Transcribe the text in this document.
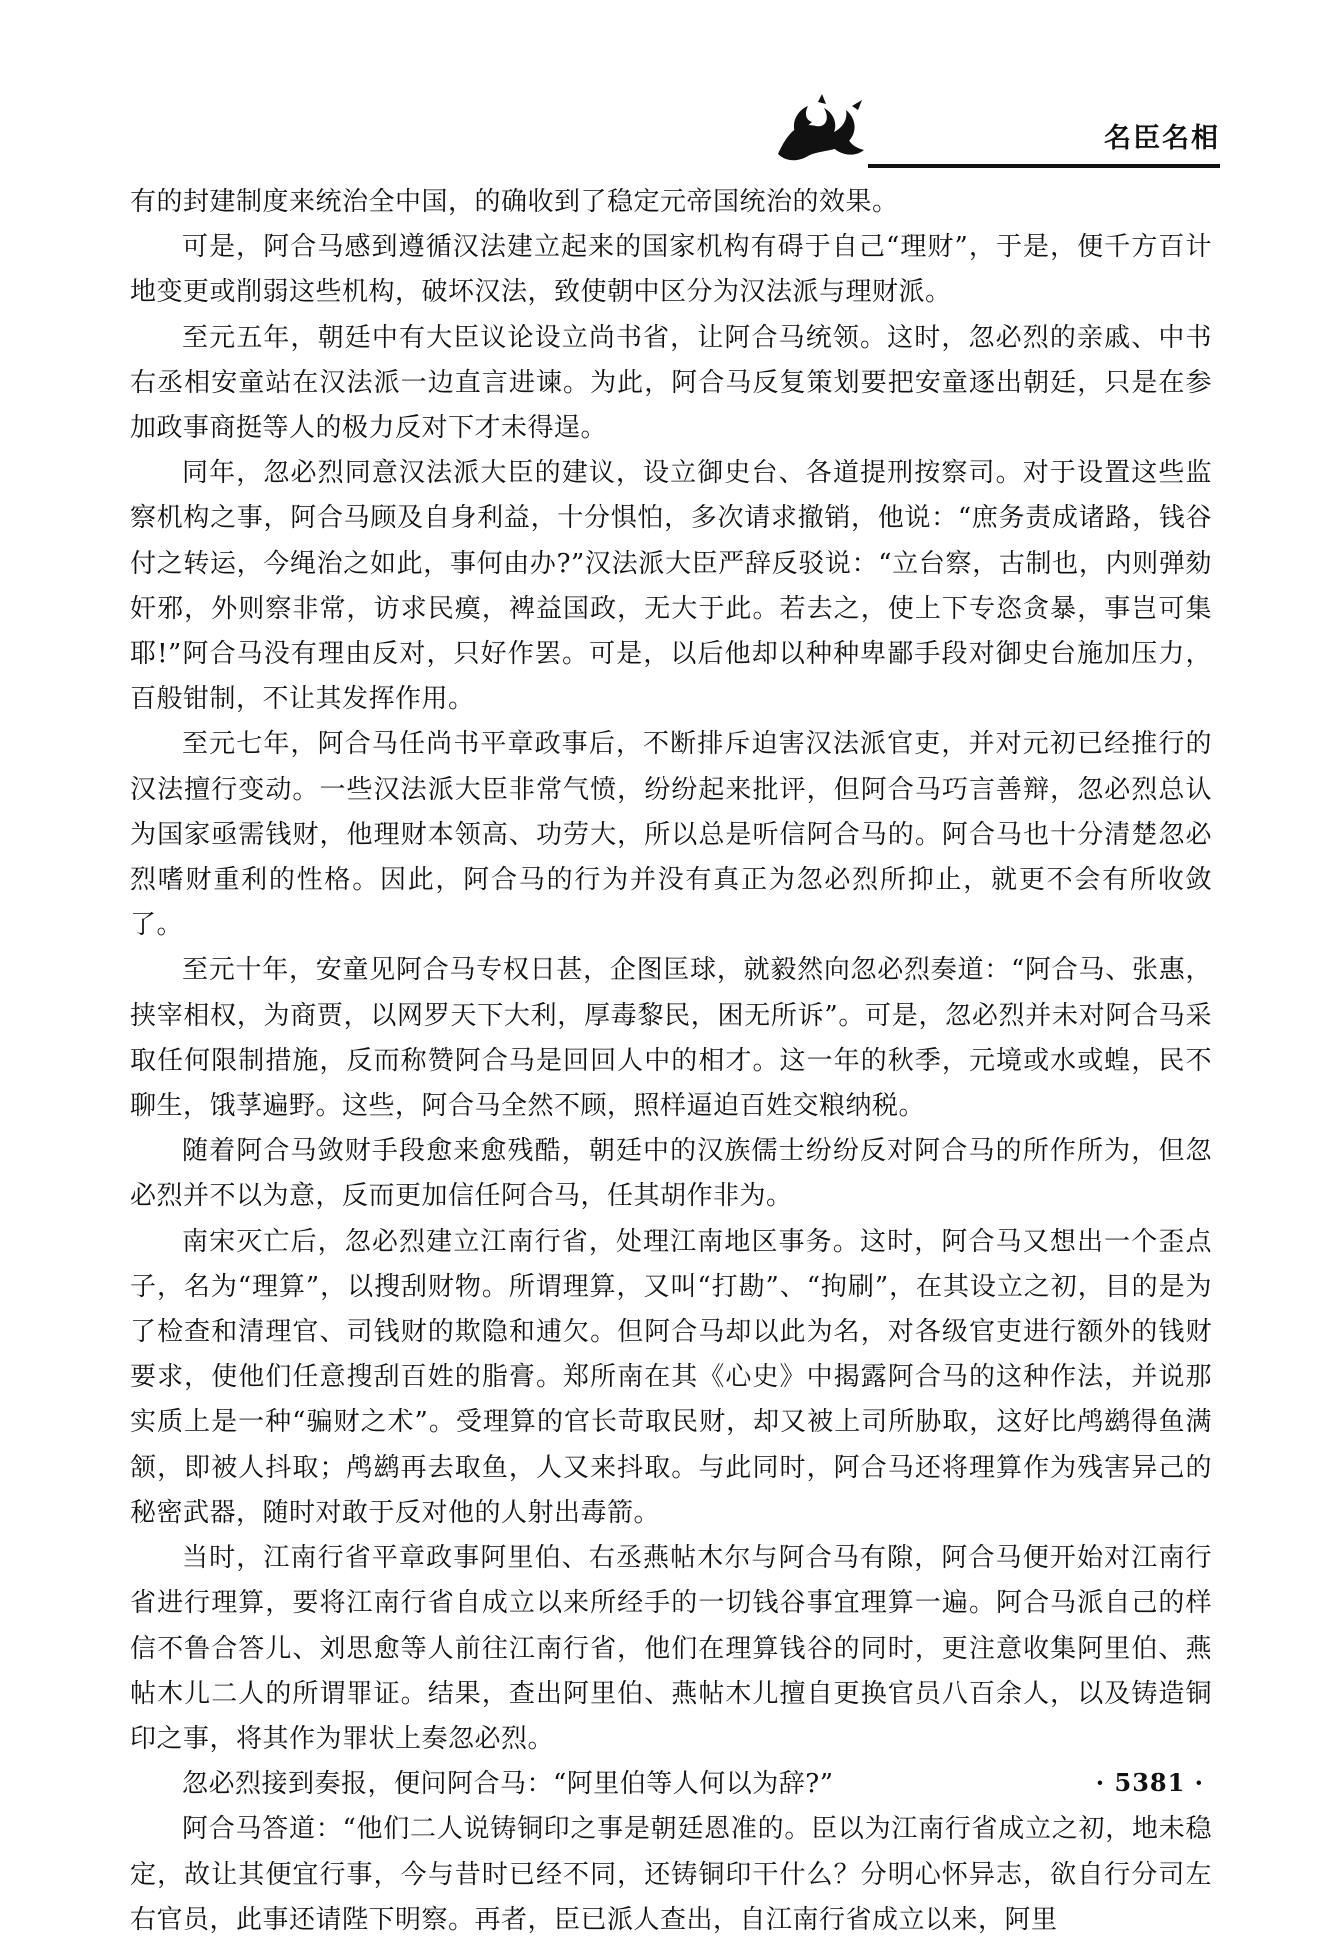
名臣名相

有的封建制度来统治全中国，的确收到了稳定元帝国统治的效果。

可是，阿合马感到遵循汉法建立起来的国家机构有碍于自己“理财”，于是，便千方百计地变更或削弱这些机构，破坏汉法，致使朝中区分为汉法派与理财派。

至元五年，朝廷中有大臣议论设立尚书省，让阿合马统领。这时，忽必烈的亲戚、中书右丞相安童站在汉法派一边直言进谏。为此，阿合马反复策划要把安童逐出朝廷，只是在参加政事商挺等人的极力反对下才未得逞。

同年，忽必烈同意汉法派大臣的建议，设立御史台、各道提刑按察司。对于设置这些监察机构之事，阿合马顾及自身利益，十分惧怕，多次请求撤销，他说：“庶务责成诸路，钱谷付之转运，今绳治之如此，事何由办?”汉法派大臣严辞反驳说：“立台察，古制也，内则弹劾奸邪，外则察非常，访求民瘼，裨益国政，无大于此。若去之，使上下专恣贪暴，事岂可集耶!”阿合马没有理由反对，只好作罢。可是，以后他却以种种卑鄙手段对御史台施加压力，百般钳制，不让其发挥作用。

至元七年，阿合马任尚书平章政事后，不断排斥迫害汉法派官吏，并对元初已经推行的汉法擅行变动。一些汉法派大臣非常气愤，纷纷起来批评，但阿合马巧言善辩，忽必烈总认为国家亟需钱财，他理财本领高、功劳大，所以总是听信阿合马的。阿合马也十分清楚忽必烈嗜财重利的性格。因此，阿合马的行为并没有真正为忽必烈所抑止，就更不会有所收敛了。

至元十年，安童见阿合马专权日甚，企图匡球，就毅然向忽必烈奏道：“阿合马、张惠，挟宰相权，为商贾，以网罗天下大利，厚毒黎民，困无所诉”。可是，忽必烈并未对阿合马采取任何限制措施，反而称赞阿合马是回回人中的相才。这一年的秋季，元境或水或蝗，民不聊生，饿莩遍野。这些，阿合马全然不顾，照样逼迫百姓交粮纳税。

随着阿合马敛财手段愈来愈残酷，朝廷中的汉族儒士纷纷反对阿合马的所作所为，但忽必烈并不以为意，反而更加信任阿合马，任其胡作非为。

南宋灭亡后，忽必烈建立江南行省，处理江南地区事务。这时，阿合马又想出一个歪点子，名为“理算”，以搜刮财物。所谓理算，又叫“打勘”、“拘刷”，在其设立之初，目的是为了检查和清理官、司钱财的欺隐和逋欠。但阿合马却以此为名，对各级官吏进行额外的钱财要求，使他们任意搜刮百姓的脂膏。郑所南在其《心史》中揭露阿合马的这种作法，并说那实质上是一种“骗财之术”。受理算的官长苛取民财，却又被上司所胁取，这好比鸬鹚得鱼满颔，即被人抖取；鸬鹚再去取鱼，人又来抖取。与此同时，阿合马还将理算作为残害异己的秘密武器，随时对敢于反对他的人射出毒箭。

当时，江南行省平章政事阿里伯、右丞燕帖木尔与阿合马有隙，阿合马便开始对江南行省进行理算，要将江南行省自成立以来所经手的一切钱谷事宜理算一遍。阿合马派自己的样信不鲁合答儿、刘思愈等人前往江南行省，他们在理算钱谷的同时，更注意收集阿里伯、燕帖木儿二人的所谓罪证。结果，查出阿里伯、燕帖木儿擅自更换官员八百余人，以及铸造铜印之事，将其作为罪状上奏忽必烈。

忽必烈接到奏报，便问阿合马：“阿里伯等人何以为辞?”

阿合马答道：“他们二人说铸铜印之事是朝廷恩准的。臣以为江南行省成立之初，地未稳定，故让其便宜行事，今与昔时已经不同，还铸铜印干什么？分明心怀异志，欲自行分司左右官员，此事还请陛下明察。再者，臣已派人查出，自江南行省成立以来，阿里

· 5381 ·
